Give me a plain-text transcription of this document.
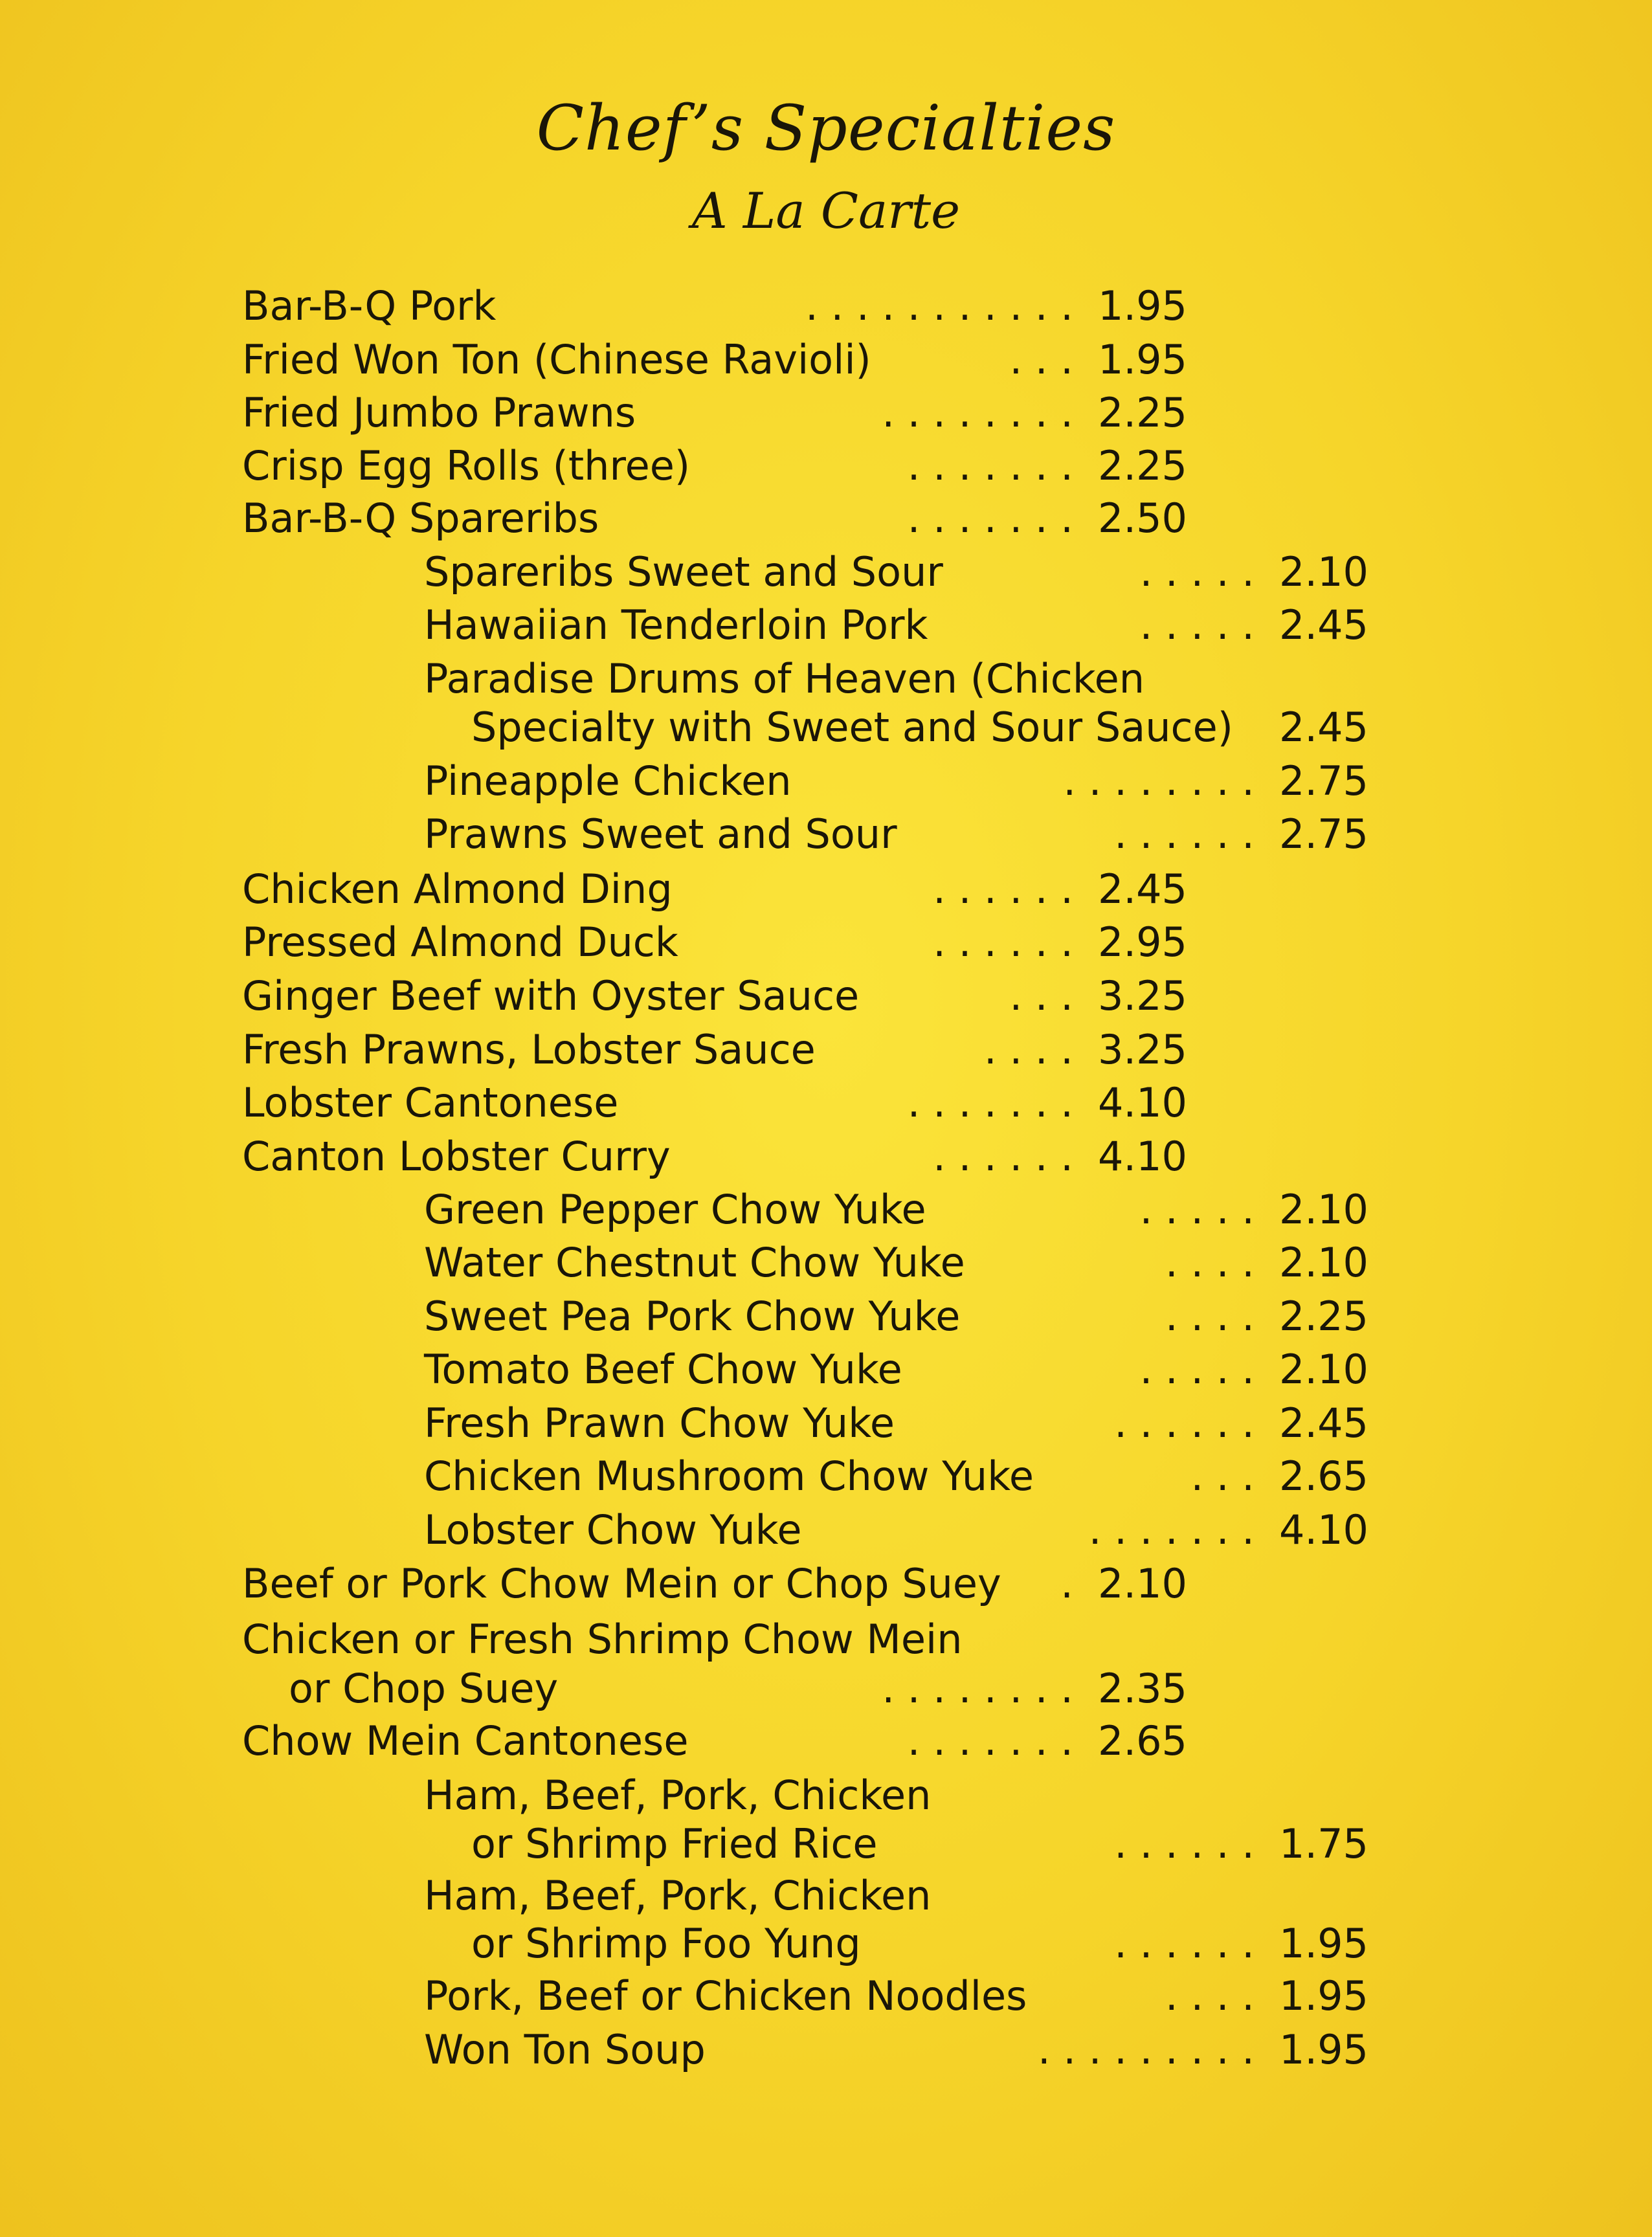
Chef’s Specialties
A La Carte
Bar-B-Q Pork	. . . . . . . . . . . 1.95
Fried Won Ton (Chinese Ravioli)	. . . 1.95
Fried Jumbo Prawns	. . . . . . . . 2.25
Crisp Egg Rolls (three)	. . . . . . . 2.25
Bar-B-Q Spareribs	. . . . . . . 2.50
Spareribs Sweet and Sour	. . . . . 2.10
Hawaiian Tenderloin Pork	. . . . . 2.45
Paradise Drums of Heaven (Chicken
Specialty with Sweet and Sour Sauce) 2.45
Pineapple Chicken	. . . . . . . . 2.75
Prawns Sweet and Sour	. . . . . . 2.75
Chicken Almond Ding	. . . . . . 2.45
Pressed Almond Duck	. . . . . . 2.95
Ginger Beef with Oyster Sauce	. . . 3.25
Fresh Prawns, Lobster Sauce	. . . . 3.25
Lobster Cantonese	. . . . . . . 4.10
Canton Lobster Curry	. . . . . . 4.10
Green Pepper Chow Yuke	. . . . . 2.10
Water Chestnut Chow Yuke	. . . . 2.10
Sweet Pea Pork Chow Yuke	. . . . 2.25
Tomato Beef Chow Yuke	. . . . . 2.10
Fresh Prawn Chow Yuke	. . . . . . 2.45
Chicken Mushroom Chow Yuke	. . . 2.65
Lobster Chow Yuke	. . . . . . . 4.10
Beef or Pork Chow Mein or Chop Suey . 2.10
Chicken or Fresh Shrimp Chow Mein
or Chop Suey	. . . . . . . . 2.35
Chow Mein Cantonese	. . . . . . . 2.65
Ham, Beef, Pork, Chicken
or Shrimp Fried Rice	. . . . . . 1.75
Ham, Beef, Pork, Chicken
or Shrimp Foo Yung	. . . . . . 1.95
Pork, Beef or Chicken Noodles	. . . . 1.95
Won Ton Soup	. . . . . . . . . 1.95
